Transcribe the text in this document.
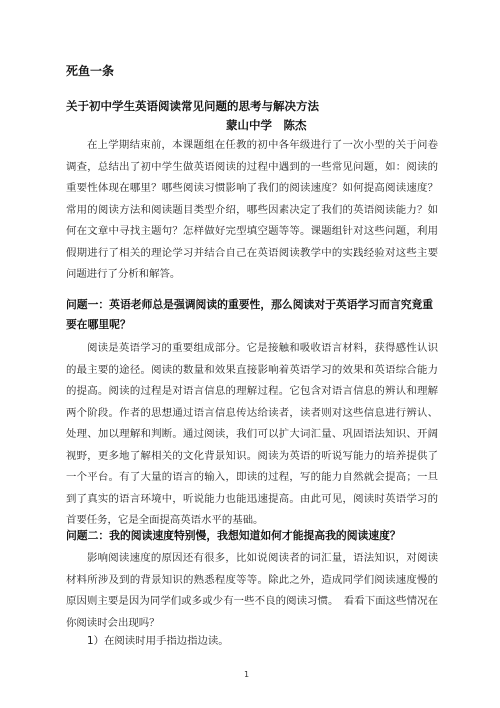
死鱼一条
关于初中学生英语阅读常见问题的思考与解决方法
蒙山中学　陈杰

在上学期结束前，本课题组在任教的初中各年级进行了一次小型的关于问卷调查，总结出了初中学生做英语阅读的过程中遇到的一些常见问题，如：阅读的重要性体现在哪里？哪些阅读习惯影响了我们的阅读速度？如何提高阅读速度？常用的阅读方法和阅读题目类型介绍，哪些因素决定了我们的英语阅读能力？如何在文章中寻找主题句？怎样做好完型填空题等等。课题组针对这些问题，利用假期进行了相关的理论学习并结合自己在英语阅读教学中的实践经验对这些主要问题进行了分析和解答。

问题一：英语老师总是强调阅读的重要性，那么阅读对于英语学习而言究竟重要在哪里呢？

阅读是英语学习的重要组成部分。它是接触和吸收语言材料，获得感性认识的最主要的途径。阅读的数量和效果直接影响着英语学习的效果和英语综合能力的提高。阅读的过程是对语言信息的理解过程。它包含对语言信息的辨认和理解两个阶段。作者的思想通过语言信息传达给读者，读者则对这些信息进行辨认、处理、加以理解和判断。通过阅读，我们可以扩大词汇量、巩固语法知识、开阔视野，更多地了解相关的文化背景知识。阅读为英语的听说写能力的培养提供了一个平台。有了大量的语言的输入，即读的过程，写的能力自然就会提高；一旦到了真实的语言环境中，听说能力也能迅速提高。由此可见，阅读时英语学习的首要任务，它是全面提高英语水平的基础。

问题二：我的阅读速度特别慢，我想知道如何才能提高我的阅读速度？

影响阅读速度的原因还有很多，比如说阅读者的词汇量，语法知识，对阅读材料所涉及到的背景知识的熟悉程度等等。除此之外，造成同学们阅读速度慢的原因则主要是因为同学们或多或少有一些不良的阅读习惯。　看看下面这些情况在你阅读时会出现吗？

1）在阅读时用手指边指边读。
1
